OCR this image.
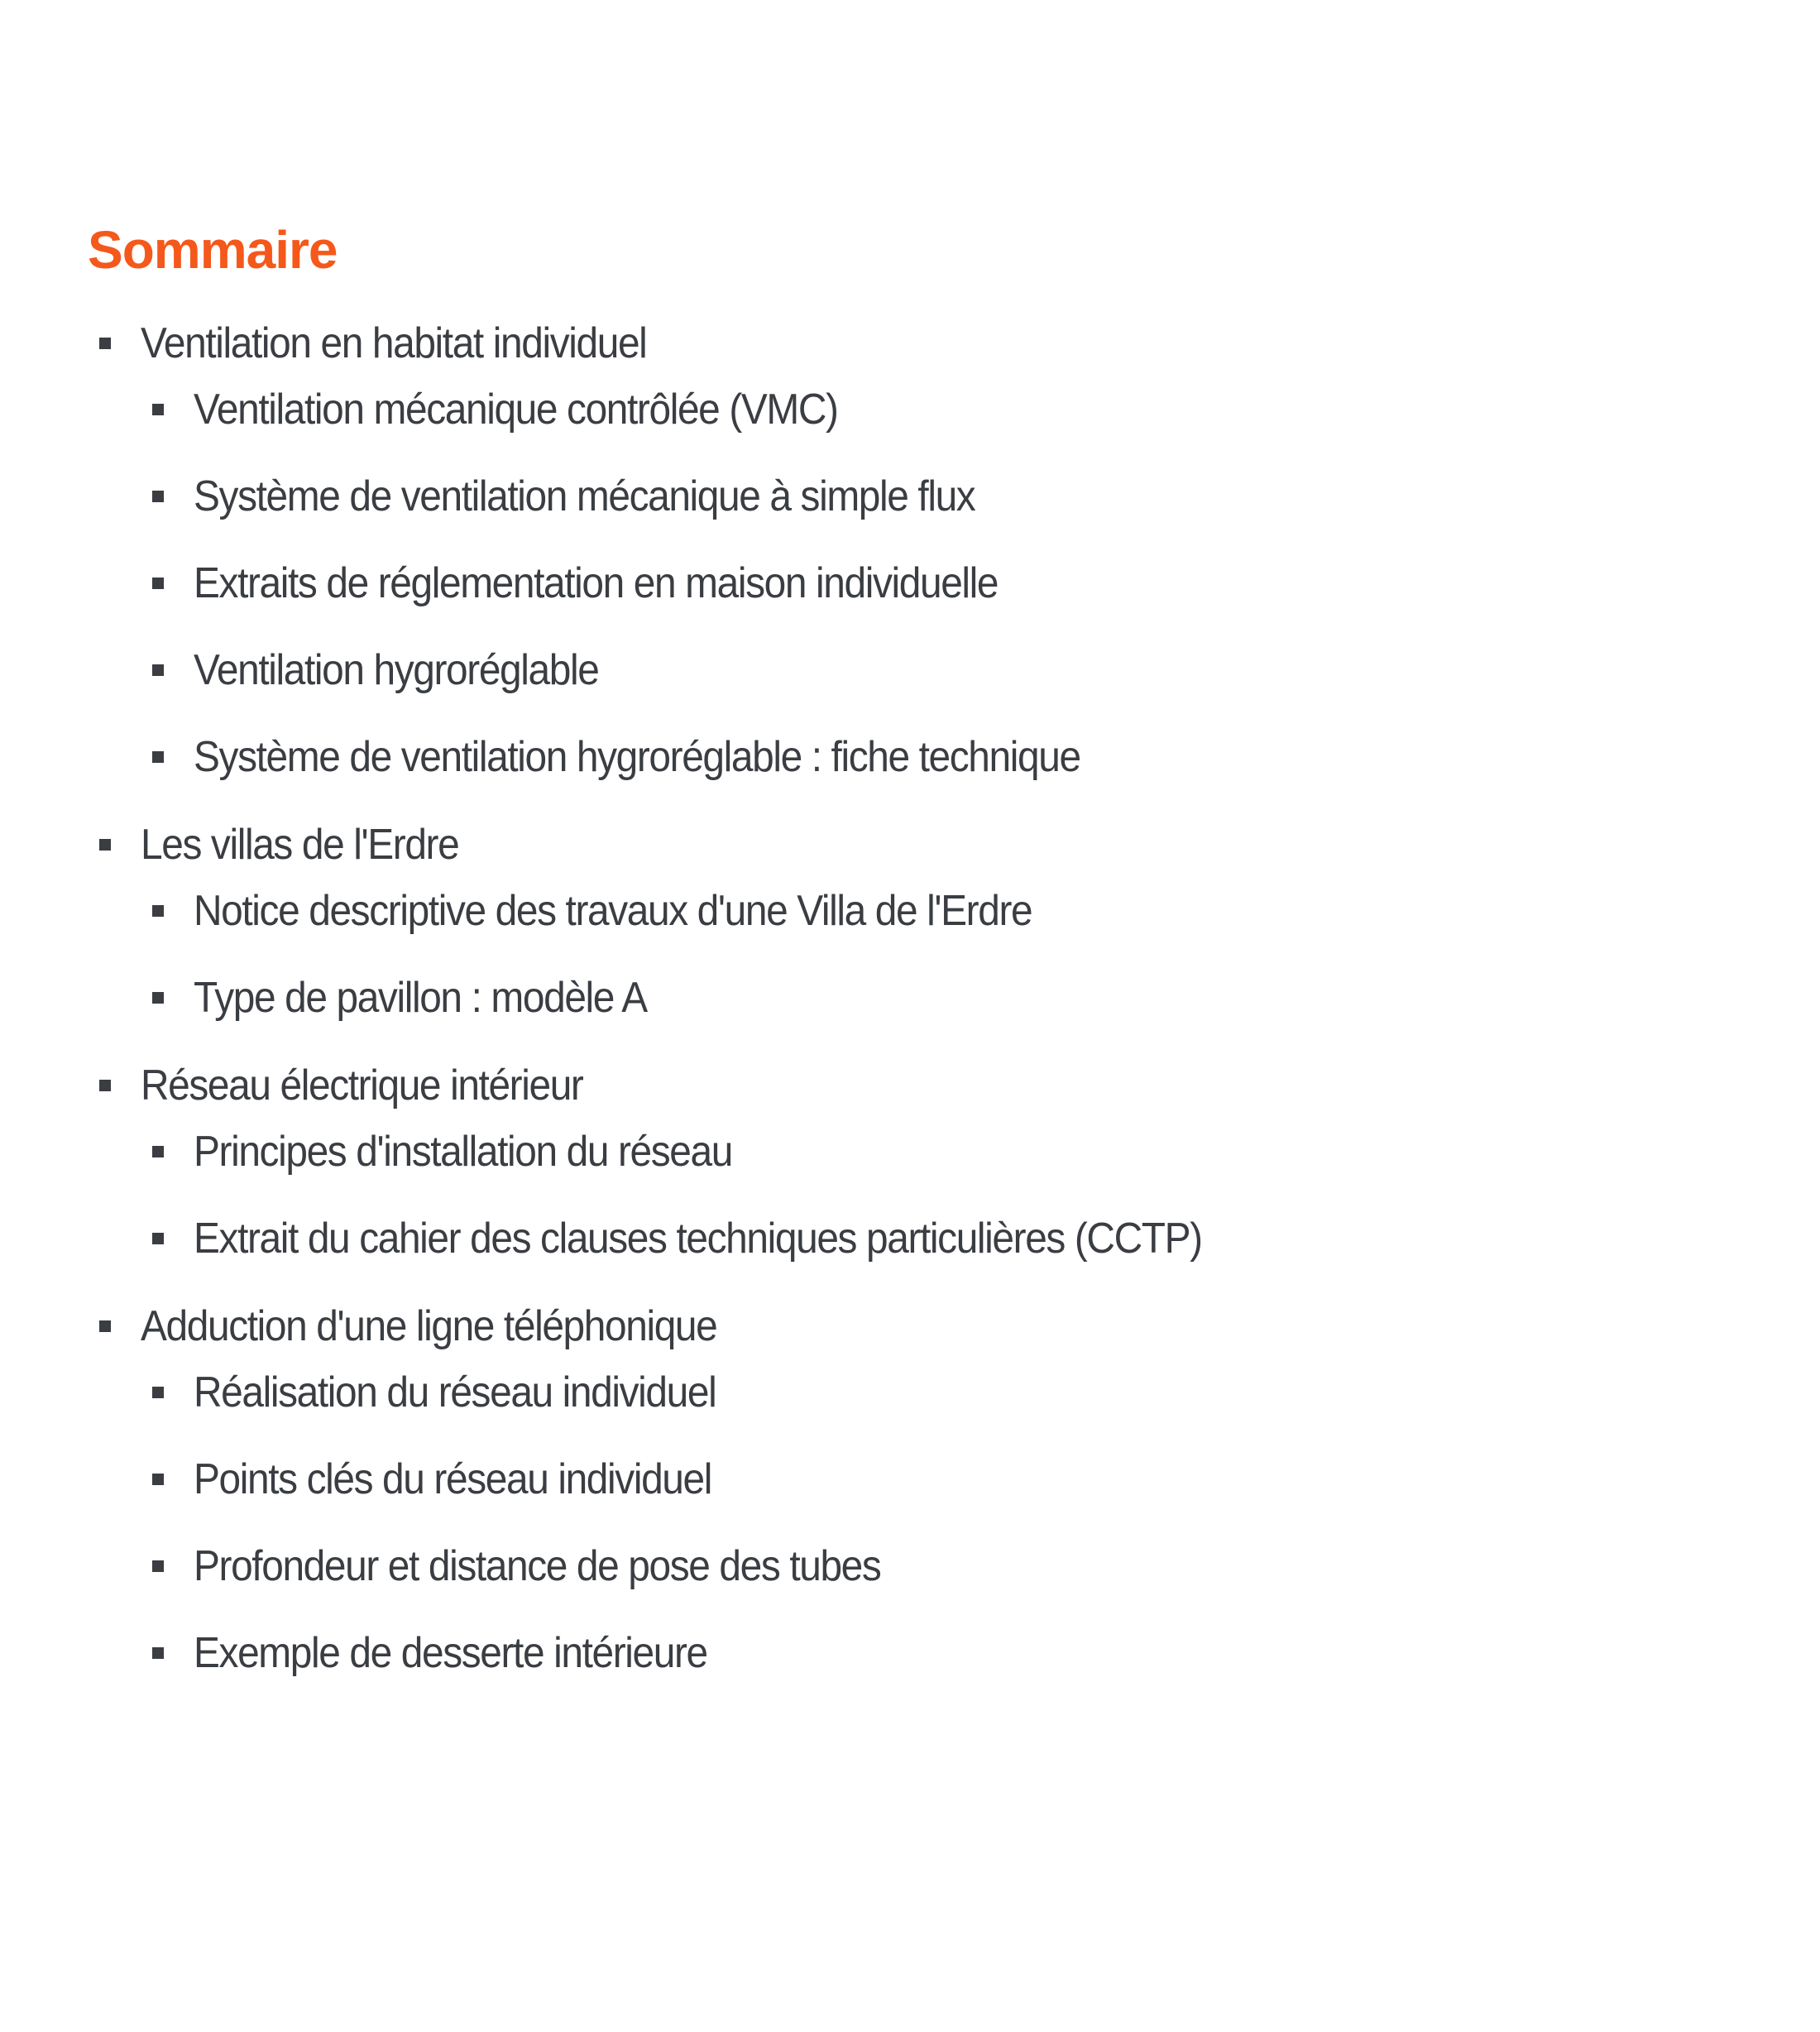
Sommaire
Ventilation en habitat individuel
Ventilation mécanique contrôlée (VMC)
Système de ventilation mécanique à simple flux
Extraits de réglementation en maison individuelle
Ventilation hygroréglable
Système de ventilation hygroréglable : fiche technique
Les villas de l'Erdre
Notice descriptive des travaux d'une Villa de l'Erdre
Type de pavillon : modèle A
Réseau électrique intérieur
Principes d'installation du réseau
Extrait du cahier des clauses techniques particulières (CCTP)
Adduction d'une ligne téléphonique
Réalisation du réseau individuel
Points clés du réseau individuel
Profondeur et distance de pose des tubes
Exemple de desserte intérieure
